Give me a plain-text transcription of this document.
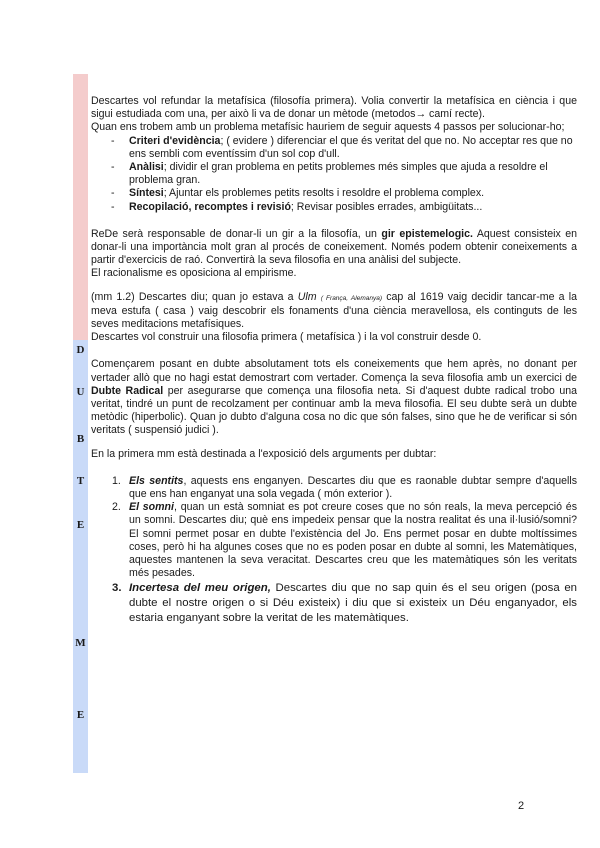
D
U
B
T
E
M
E

Descartes vol refundar la metafísica (filosofía primera). Volia convertir la metafísica en ciència i que sigui estudiada com una, per això li va de donar un mètode (metodos→ camí recte).

Quan ens trobem amb un problema metafísic hauriem de seguir aquests 4 passos per solucionar-ho;

- Criteri d'evidència; ( evidere ) diferenciar el que és veritat del que no. No acceptar res que no ens sembli com eventíssim d'un sol cop d'ull.
- Anàlisi; dividir el gran problema en petits problemes més simples que ajuda a resoldre el problema gran.
- Síntesi; Ajuntar els problemes petits resolts i resoldre el problema complex.
- Recopilació, recomptes i revisió; Revisar posibles errades, ambigüitats...

ReDe serà responsable de donar-li un gir a la filosofía, un gir epistemelogic. Aquest consisteix en donar-li una importància molt gran al procés de coneixement. Només podem obtenir coneixements a partir d'exercicis de raó. Convertirà la seva filosofia en una anàlisi del subjecte.

El racionalisme es oposiciona al empirisme.

(mm 1.2) Descartes diu; quan jo estava a Ulm ( França, Alemanya) cap al 1619 vaig decidir tancar-me a la meva estufa ( casa ) vaig descobrir els fonaments d'una ciència meravellosa, els continguts de les seves meditacions metafísiques.

Descartes vol construir una filosofia primera ( metafísica ) i la vol construir desde 0.

Començarem posant en dubte absolutament tots els coneixements que hem après, no donant per vertader allò que no hagi estat demostrart com vertader. Comença la seva filosofia amb un exercici de Dubte Radical per asegurarse que comença una filosofia neta. Si d'aquest dubte radical trobo una veritat, tindré un punt de recolzament per continuar amb la meva filosofia. El seu dubte serà un dubte metòdic (hiperbolic). Quan jo dubto d'alguna cosa no dic que són falses, sino que he de verificar si són veritats ( suspensió judici ).

En la primera mm està destinada a l'exposició dels arguments per dubtar:

1. Els sentits, aquests ens enganyen. Descartes diu que es raonable dubtar sempre d'aquells que ens han enganyat una sola vegada ( món exterior ).
2. El somni, quan un està somniat es pot creure coses que no són reals, la meva percepció és un somni. Descartes diu; què ens impedeix pensar que la nostra realitat és una il·lusió/somni? El somni permet posar en dubte l'existència del Jo. Ens permet posar en dubte moltíssimes coses, però hi ha algunes coses que no es poden posar en dubte al somni, les Matemàtiques, aquestes mantenen la seva veracitat. Descartes creu que les matemàtiques són les veritats més pesades.
3. Incertesa del meu origen, Descartes diu que no sap quin és el seu origen (posa en dubte el nostre origen o si Déu existeix) i diu que si existeix un Déu enganyador, els estaria enganyant sobre la veritat de les matemàtiques.
2
